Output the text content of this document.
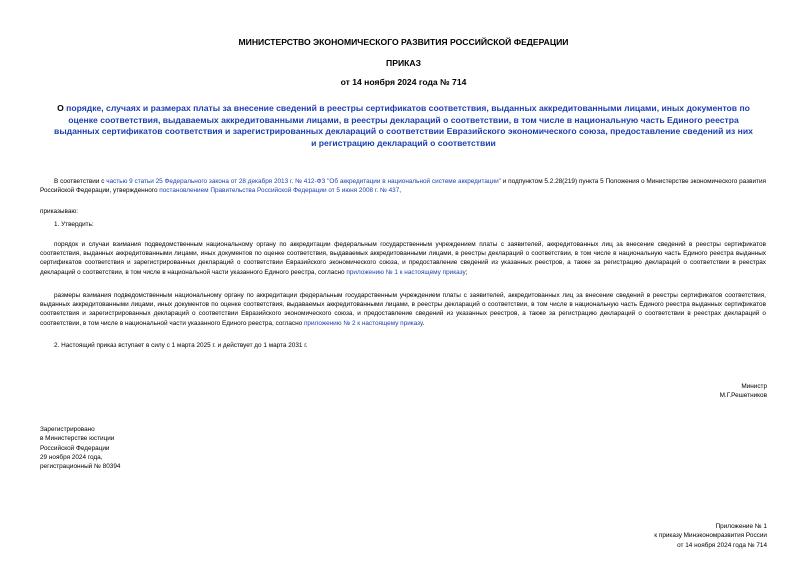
МИНИСТЕРСТВО ЭКОНОМИЧЕСКОГО РАЗВИТИЯ РОССИЙСКОЙ ФЕДЕРАЦИИ
ПРИКАЗ
от 14 ноября 2024 года № 714
О порядке, случаях и размерах платы за внесение сведений в реестры сертификатов соответствия, выданных аккредитованными лицами, иных документов по оценке соответствия, выдаваемых аккредитованными лицами, в реестры деклараций о соответствии, в том числе в национальную часть Единого реестра выданных сертификатов соответствия и зарегистрированных деклараций о соответствии Евразийского экономического союза, предоставление сведений из них и регистрацию деклараций о соответствии
В соответствии с частью 9 статьи 25 Федерального закона от 28 декабря 2013 г. № 412-ФЗ "Об аккредитации в национальной системе аккредитации" и подпунктом 5.2.28(219) пункта 5 Положения о Министерстве экономического развития Российской Федерации, утвержденного постановлением Правительства Российской Федерации от 5 июня 2008 г. № 437,
приказываю:
1. Утвердить:
порядок и случаи взимания подведомственным национальному органу по аккредитации федеральным государственным учреждением платы с заявителей, аккредитованных лиц за внесение сведений в реестры сертификатов соответствия, выданных аккредитованными лицами, иных документов по оценке соответствия, выдаваемых аккредитованными лицами, в реестры деклараций о соответствии, в том числе в национальную часть Единого реестра выданных сертификатов соответствия и зарегистрированных деклараций о соответствии Евразийского экономического союза, и предоставление сведений из указанных реестров, а также за регистрацию деклараций о соответствии в реестрах деклараций о соответствии, в том числе в национальной части указанного Единого реестра, согласно приложению № 1 к настоящему приказу;
размеры взимания подведомственным национальному органу по аккредитации федеральным государственным учреждением платы с заявителей, аккредитованных лиц за внесение сведений в реестры сертификатов соответствия, выданных аккредитованными лицами, иных документов по оценке соответствия, выдаваемых аккредитованными лицами, в реестры деклараций о соответствии, в том числе в национальную часть Единого реестра выданных сертификатов соответствия и зарегистрированных деклараций о соответствии Евразийского экономического союза, и предоставление сведений из указанных реестров, а также за регистрацию деклараций о соответствии в реестрах деклараций о соответствии, в том числе в национальной части указанного Единого реестра, согласно приложению № 2 к настоящему приказу.
2. Настоящий приказ вступает в силу с 1 марта 2025 г. и действует до 1 марта 2031 г.
Министр
М.Г.Решетников
Зарегистрировано
в Министерстве юстиции
Российской Федерации
29 ноября 2024 года,
регистрационный № 80394
Приложение № 1
к приказу Минэкономразвития России
от 14 ноября 2024 года № 714
